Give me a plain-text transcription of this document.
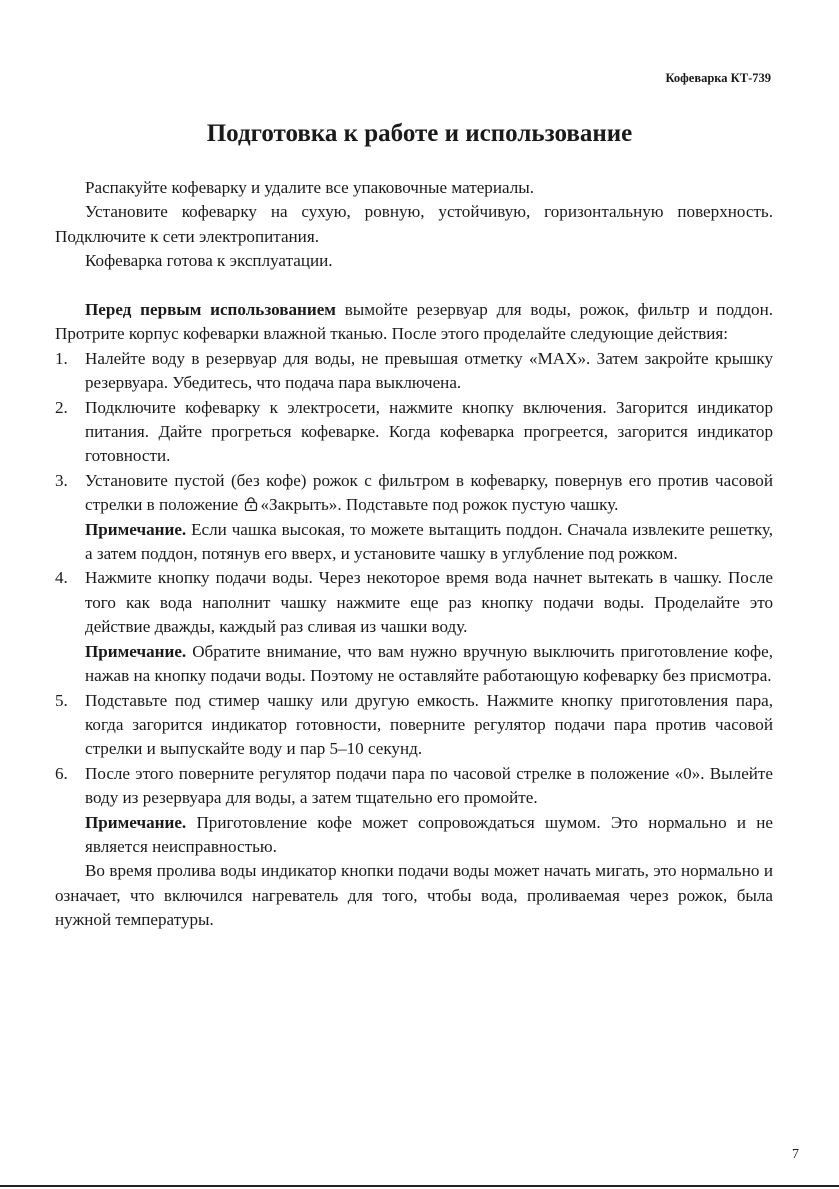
Кофеварка КТ-739
Подготовка к работе и использование

Распакуйте кофеварку и удалите все упаковочные материалы.

Установите кофеварку на сухую, ровную, устойчивую, горизонтальную поверхность. Подключите к сети электропитания.

Кофеварка готова к эксплуатации.

Перед первым использованием вымойте резервуар для воды, рожок, фильтр и поддон. Протрите корпус кофеварки влажной тканью. После этого проделайте следующие действия:

1. Налейте воду в резервуар для воды, не превышая отметку «MAX». Затем закройте крышку резервуара. Убедитесь, что подача пара выключена.

2. Подключите кофеварку к электросети, нажмите кнопку включения. Загорится индикатор питания. Дайте прогреться кофеварке. Когда кофеварка прогреется, загорится индикатор готовности.

3. Установите пустой (без кофе) рожок с фильтром в кофеварку, повернув его против часовой стрелки в положение «Закрыть». Подставьте под рожок пустую чашку.

Примечание. Если чашка высокая, то можете вытащить поддон. Сначала извлеките решетку, а затем поддон, потянув его вверх, и установите чашку в углубление под рожком.

4. Нажмите кнопку подачи воды. Через некоторое время вода начнет вытекать в чашку. После того как вода наполнит чашку нажмите еще раз кнопку подачи воды. Проделайте это действие дважды, каждый раз сливая из чашки воду.

Примечание. Обратите внимание, что вам нужно вручную выключить приготовление кофе, нажав на кнопку подачи воды. Поэтому не оставляйте работающую кофеварку без присмотра.

5. Подставьте под стимер чашку или другую емкость. Нажмите кнопку приготовления пара, когда загорится индикатор готовности, поверните регулятор подачи пара против часовой стрелки и выпускайте воду и пар 5–10 секунд.

6. После этого поверните регулятор подачи пара по часовой стрелке в положение «0». Вылейте воду из резервуара для воды, а затем тщательно его промойте.

Примечание. Приготовление кофе может сопровождаться шумом. Это нормально и не является неисправностью.

Во время пролива воды индикатор кнопки подачи воды может начать мигать, это нормально и означает, что включился нагреватель для того, чтобы вода, проливаемая через рожок, была нужной температуры.

7
